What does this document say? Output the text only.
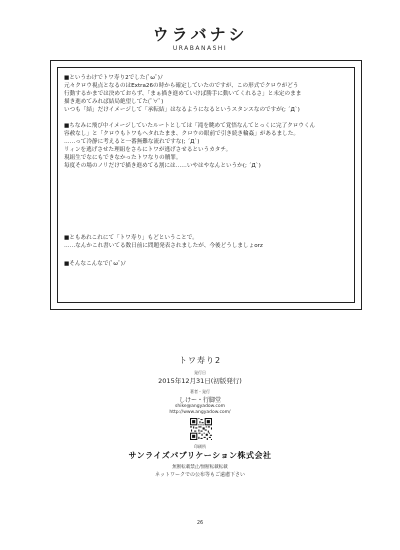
ウラバナシ
URABANASHI
■というわけでトワ寿り2でした(ﾟωﾟ)ﾉ
元々クロウ視点となるのはExtra26の時から確定していたのですが、この形式でクロウがどう
行動するかまでは決めておらず、「まぁ描き進めていけば勝手に動いてくれるさ」と未定のまま
描き進めてみれば結局絶望してた(ﾟ∀ﾟ)
いつも「結」だけイメージして「承転結」はなるようになるというスタンスなのですが(; ´Д`)
■ちなみに飛び中イメージしていたルートとしては「滝を眺めて覚悟なんてとっくに完了クロウくん
容赦なし」と「クロウもトワもヘタれたまま、クロウの眼前で引き続き輪姦」があるました。
……って冷静に考えると一番無難な流れですな(; ´Д`)
リィンを逃げさせた理組をさらにトワが逃げさせるというカタチ。
現組生でなにもできなかったトワなりの贖罪。
毎度その場のノリだけで描き進めてる割には……いやはやなんというか(; ´Д`)
■ともあれこれにて「トワ寿り」もどということで。
……なんかこれ書いてる数日前に問題発表されましたが、今後どうしましょorz
■そんなこんなで(ﾟωﾟ)ﾉ
トワ寿り2
発行日
2015年12月31日(初版発行)
著者・発行
しけー・行脚堂
shike@angyadow.com
http://www.angyadow.com/
印刷所
サンライズパブリケーション株式会社
無断転載禁止/無断転載転載
ネットワークでの公布等もご遠慮下さい
26
